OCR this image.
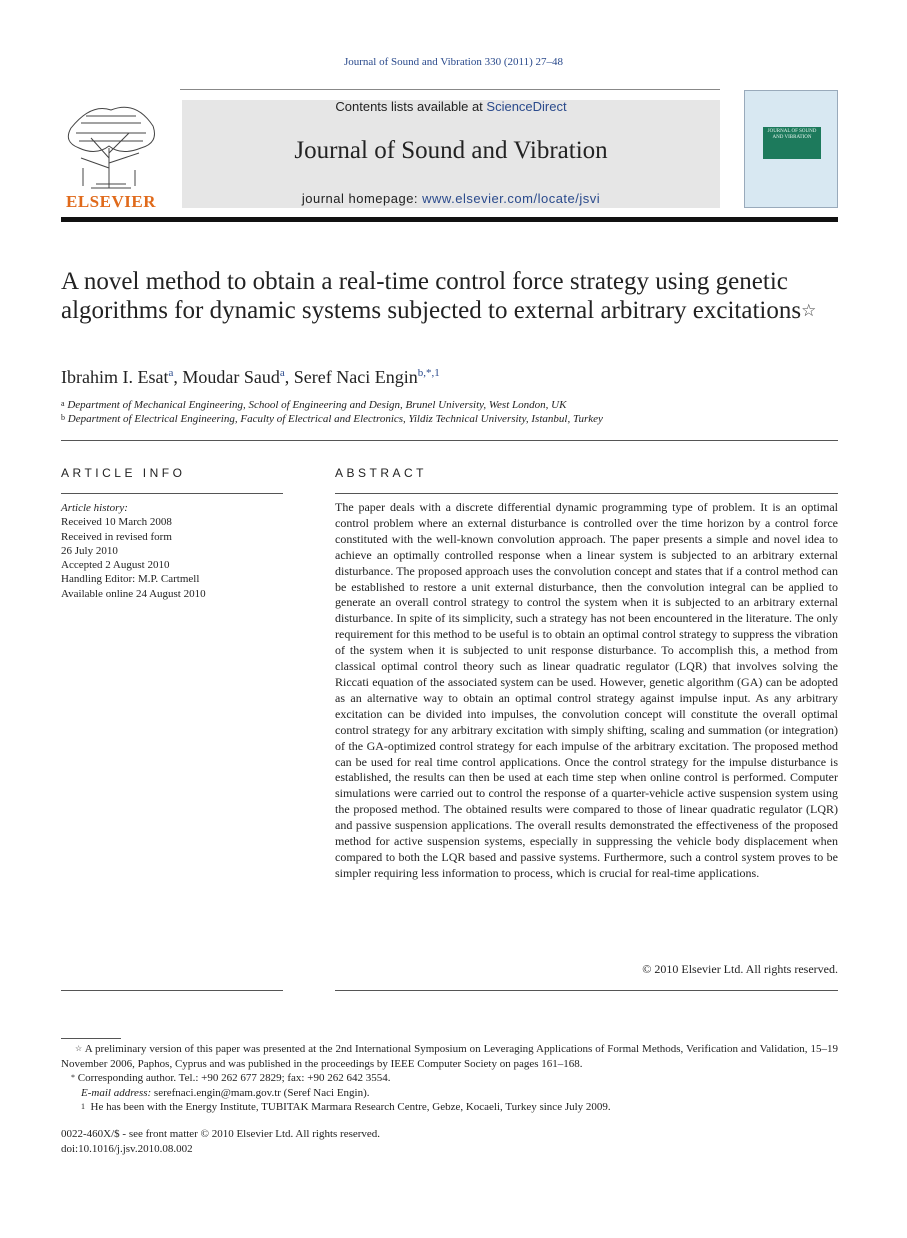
Journal of Sound and Vibration 330 (2011) 27–48
ELSEVIER
Contents lists available at ScienceDirect
Journal of Sound and Vibration
journal homepage: www.elsevier.com/locate/jsvi
JOURNAL OF SOUND AND VIBRATION
A novel method to obtain a real-time control force strategy using genetic algorithms for dynamic systems subjected to external arbitrary excitations☆
Ibrahim I. Esat$^a$, Moudar Saud$^a$, Seref Naci Engin$^{b,*,1}$
$^a$ Department of Mechanical Engineering, School of Engineering and Design, Brunel University, West London, UK
$^b$ Department of Electrical Engineering, Faculty of Electrical and Electronics, Yildiz Technical University, Istanbul, Turkey
ARTICLE INFO
Article history:
Received 10 March 2008
Received in revised form
26 July 2010
Accepted 2 August 2010
Handling Editor: M.P. Cartmell
Available online 24 August 2010
ABSTRACT
The paper deals with a discrete differential dynamic programming type of problem. It is an optimal control problem where an external disturbance is controlled over the time horizon by a control force constituted with the well-known convolution approach. The paper presents a simple and novel idea to achieve an optimally controlled response when a linear system is subjected to an arbitrary external disturbance. The proposed approach uses the convolution concept and states that if a control method can be established to restore a unit external disturbance, then the convolution integral can be applied to generate an overall control strategy to control the system when it is subjected to an arbitrary external disturbance. In spite of its simplicity, such a strategy has not been encountered in the literature. The only requirement for this method to be useful is to obtain an optimal control strategy to suppress the vibration of the system when it is subjected to unit response disturbance. To accomplish this, a method from classical optimal control theory such as linear quadratic regulator (LQR) that involves solving the Riccati equation of the associated system can be used. However, genetic algorithm (GA) can be adopted as an alternative way to obtain an optimal control strategy against impulse input. As any arbitrary excitation can be divided into impulses, the convolution concept will constitute the overall optimal control strategy for any arbitrary excitation with simply shifting, scaling and summation (or integration) of the GA-optimized control strategy for each impulse of the arbitrary excitation. The proposed method can be used for real time control applications. Once the control strategy for the impulse disturbance is established, the results can then be used at each time step when online control is performed. Computer simulations were carried out to control the response of a quarter-vehicle active suspension system using the proposed method. The obtained results were compared to those of linear quadratic regulator (LQR) and passive suspension applications. The overall results demonstrated the effectiveness of the proposed method for active suspension systems, especially in suppressing the vehicle body displacement when compared to both the LQR based and passive systems. Furthermore, such a control system proves to be simpler requiring less information to process, which is crucial for real-time applications.
© 2010 Elsevier Ltd. All rights reserved.
☆ A preliminary version of this paper was presented at the 2nd International Symposium on Leveraging Applications of Formal Methods, Verification and Validation, 15–19 November 2006, Paphos, Cyprus and was published in the proceedings by IEEE Computer Society on pages 161–168.
* Corresponding author. Tel.: +90 262 677 2829; fax: +90 262 642 3554.
E-mail address: serefnaci.engin@mam.gov.tr (Seref Naci Engin).
$^1$ He has been with the Energy Institute, TUBITAK Marmara Research Centre, Gebze, Kocaeli, Turkey since July 2009.
0022-460X/$ - see front matter © 2010 Elsevier Ltd. All rights reserved.
doi:10.1016/j.jsv.2010.08.002
